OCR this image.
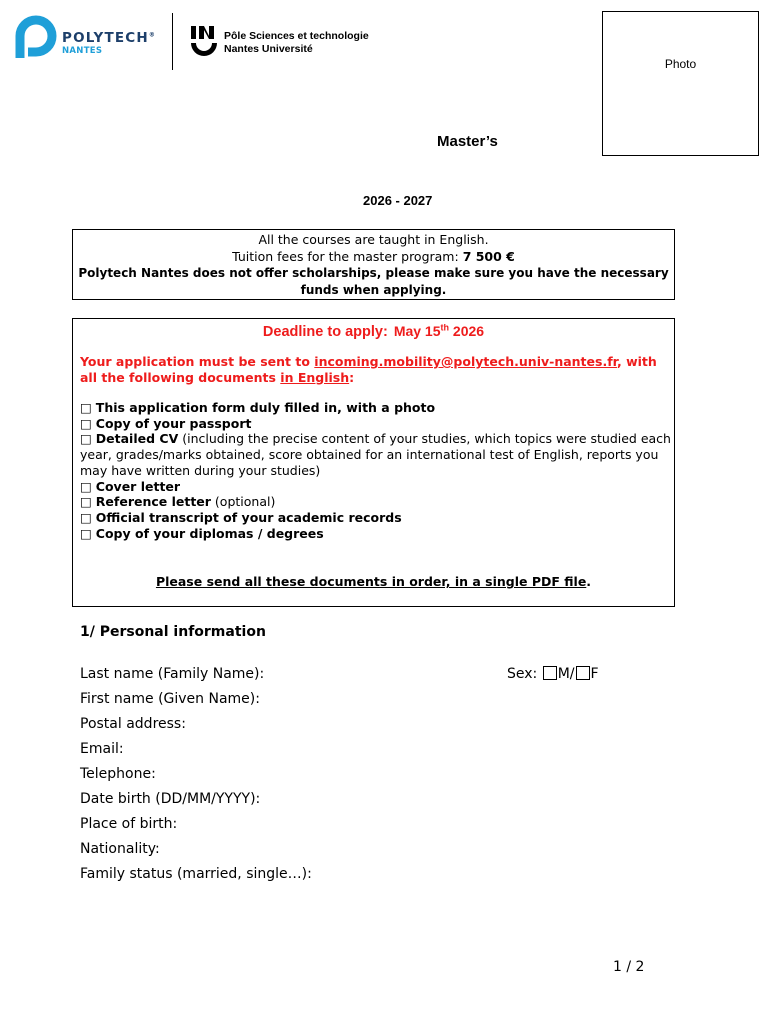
POLYTECH®
NANTES
Pôle Sciences et technologie
Nantes Université
Photo
Master’s
2026 - 2027
All the courses are taught in English.
Tuition fees for the master program: 7 500 €
Polytech Nantes does not offer scholarships, please make sure you have the necessary funds when applying.
Deadline to apply: May 15th 2026
Your application must be sent to incoming.mobility@polytech.univ-nantes.fr, with all the following documents in English:

□ This application form duly filled in, with a photo

□ Copy of your passport

□ Detailed CV (including the precise content of your studies, which topics were studied each year, grades/marks obtained, score obtained for an international test of English, reports you may have written during your studies)

□ Cover letter

□ Reference letter (optional)

□ Official transcript of your academic records

□ Copy of your diplomas / degrees

Please send all these documents in order, in a single PDF file.
1/ Personal information
Last name (Family Name):	Sex: M/ F
First name (Given Name):
Postal address:
Email:
Telephone:
Date birth (DD/MM/YYYY):
Place of birth:
Nationality:
Family status (married, single…):
1 / 2
